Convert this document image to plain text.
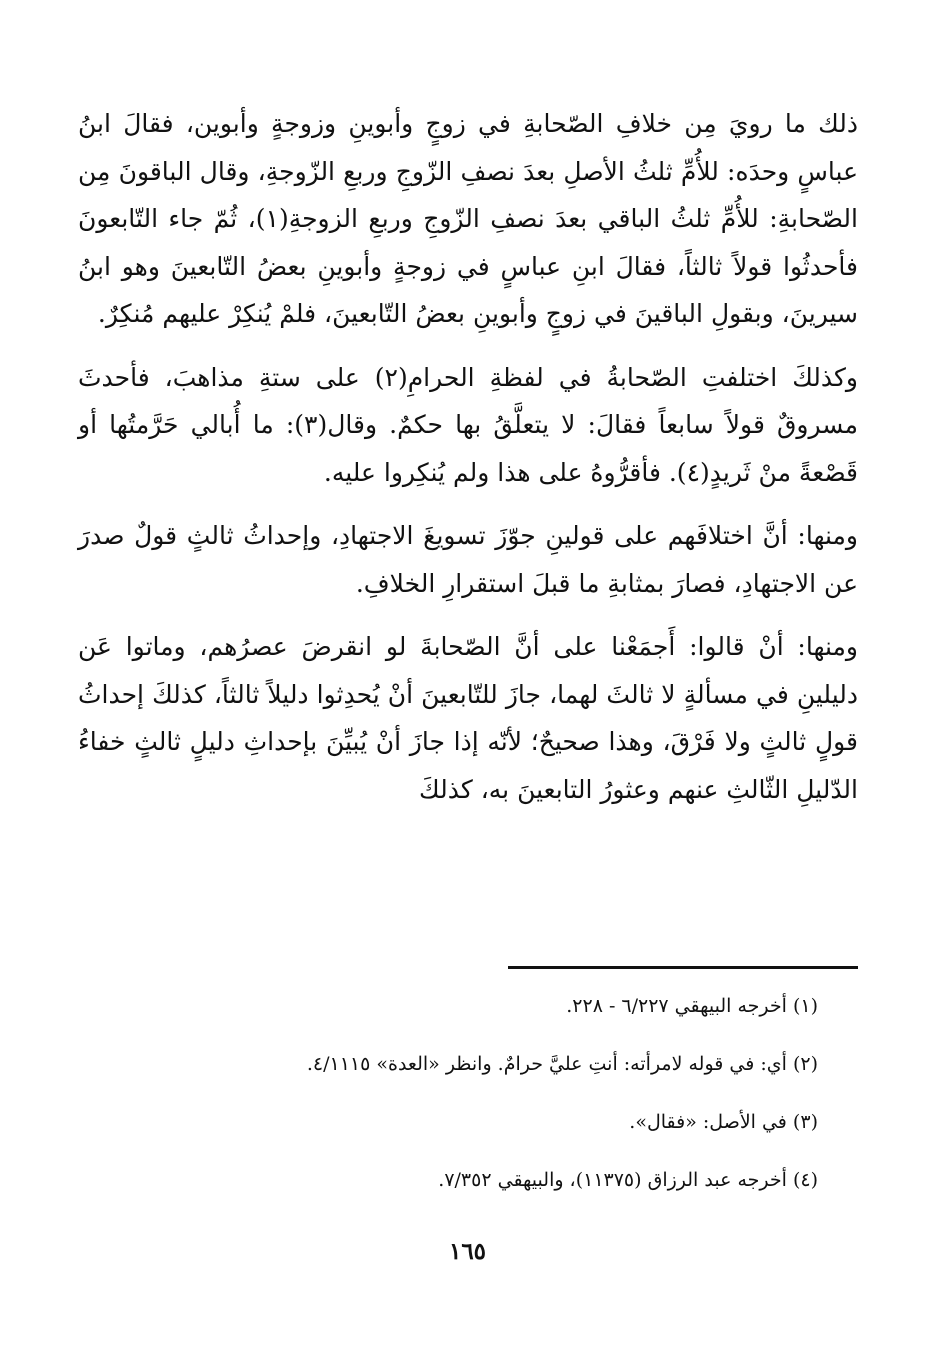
ذلك ما رويَ مِن خلافِ الصّحابةِ في زوجٍ وأبوينِ وزوجةٍ وأبوين، فقالَ ابنُ عباسٍ وحدَه: للأُمِّ ثلثُ الأصلِ بعدَ نصفِ الزّوجِ وربعِ الزّوجةِ، وقال الباقونَ مِن الصّحابةِ: للأُمِّ ثلثُ الباقي بعدَ نصفِ الزّوجِ وربعِ الزوجةِ(١)، ثُمّ جاء التّابعونَ فأحدثُوا قولاً ثالثاً، فقالَ ابنِ عباسٍ في زوجةٍ وأبوينِ بعضُ التّابعينَ وهو ابنُ سيرينَ، وبقولِ الباقينَ في زوجٍ وأبوينِ بعضُ التّابعينَ، فلمْ يُنكِرْ عليهم مُنكِرٌ.

وكذلكَ اختلفتِ الصّحابةُ في لفظةِ الحرامِ(٢) على ستةِ مذاهبَ، فأحدثَ مسروقٌ قولاً سابعاً فقالَ: لا يتعلَّقُ بها حكمٌ. وقال(٣): ما أُبالي حَرَّمتُها أو قَصْعةً منْ ثَريدٍ(٤). فأقرُّوهُ على هذا ولم يُنكِروا عليه.

ومنها: أنَّ اختلافَهم على قولينِ جوّزَ تسويغَ الاجتهادِ، وإحداثُ ثالثٍ قولٌ صدرَ عن الاجتهادِ، فصارَ بمثابةِ ما قبلَ استقرارِ الخلافِ.

ومنها: أنْ قالوا: أَجمَعْنا على أنَّ الصّحابةَ لو انقرضَ عصرُهم، وماتوا عَن دليلينِ في مسألةٍ لا ثالثَ لهما، جازَ للتّابعينَ أنْ يُحدِثوا دليلاً ثالثاً، كذلكَ إحداثُ قولٍ ثالثٍ ولا فَرْقَ، وهذا صحيحٌ؛ لأنّه إذا جازَ أنْ يُبيِّنَ بإحداثِ دليلٍ ثالثٍ خفاءُ الدّليلِ الثّالثِ عنهم وعثورُ التابعينَ به، كذلكَ

(١) أخرجه البيهقي ٦/٢٢٧ - ٢٢٨.
(٢) أي: في قوله لامرأته: أنتِ عليَّ حرامٌ. وانظر «العدة» ٤/١١١٥.
(٣) في الأصل: «فقال».
(٤) أخرجه عبد الرزاق (١١٣٧٥)، والبيهقي ٧/٣٥٢.
١٦٥
